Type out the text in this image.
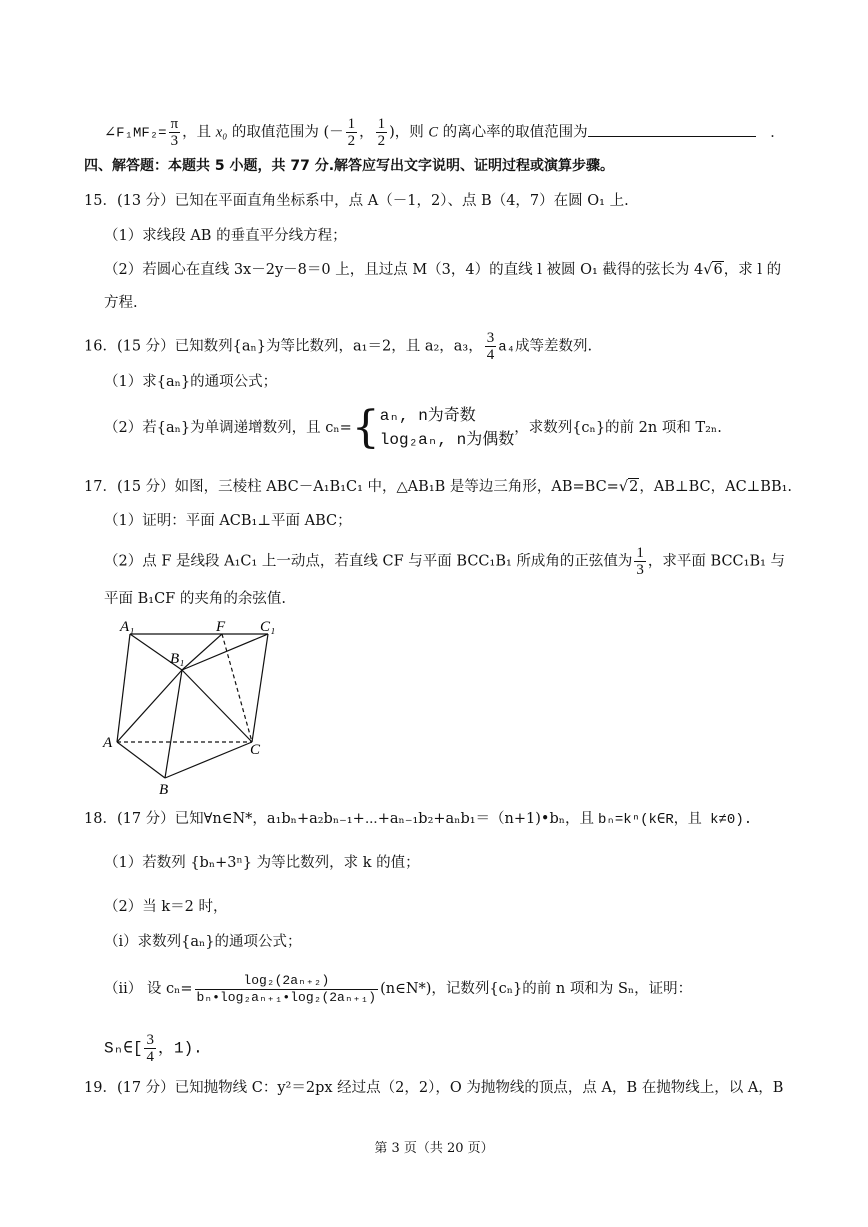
∠F₁MF₂= $\frac{\pi}{3}$ ，且 x₀ 的取值范围为 (－ $\frac{1}{2}$ ， $\frac{1}{2}$ )，则 C 的离心率的取值范围为	．
四、解答题：本题共 5 小题，共 77 分.解答应写出文字说明、证明过程或演算步骤。
15．(13 分）已知在平面直角坐标系中，点 A（－1，2）、点 B（4，7）在圆 O₁ 上.
（1）求线段 AB 的垂直平分线方程；
（2）若圆心在直线 3x－2y－8＝0 上，且过点 M（3，4）的直线 l 被圆 O₁ 截得的弦长为 4√6，求 l 的
方程.
16．(15 分）已知数列{aₙ}为等比数列，a₁＝2，且 a₂，a₃， $\frac{3}{4} a_4$成等差数列.
（1）求{aₙ}的通项公式；
（2）若{aₙ}为单调递增数列，且 cₙ={ aₙ, n为奇数
log₂aₙ, n为偶数
，求数列{cₙ}的前 2n 项和 T₂ₙ.
17．(15 分）如图，三棱柱 ABC－A₁B₁C₁ 中，△AB₁B 是等边三角形，AB=BC=√2，AB⊥BC，AC⊥BB₁.
（1）证明：平面 ACB₁⊥平面 ABC；
（2）点 F 是线段 A₁C₁ 上一动点，若直线 CF 与平面 BCC₁B₁ 所成角的正弦值为 $\frac{1}{3}$ ，求平面 BCC₁B₁ 与
平面 B₁CF 的夹角的余弦值.
A₁	F C₁
B₁
A	C
B
18．(17 分）已知∀n∈N*，a₁bₙ+a₂bₙ₋₁+⋯+aₙ₋₁b₂+aₙb₁＝（n+1)•bₙ，且 bₙ=kⁿ(k∈R，且 k≠0).
（1）若数列 {bₙ+3ⁿ} 为等比数列，求 k 的值；
（2）当 k＝2 时，
（i）求数列{aₙ}的通项公式；
（ii） 设 $c_n= \frac{\text{log₂(2aₙ₊₂)}}{\text{bₙ•log₂aₙ₊₁•log₂(2aₙ₊₁)}}$ (n∈N*)，记数列{cₙ}的前 n 项和为 Sₙ，证明：
Sₙ∈[ $\frac{3}{4}$ ，1).
19．(17 分）已知抛物线 C：y²＝2px 经过点（2，2），O 为抛物线的顶点，点 A，B 在抛物线上，以 A，B
第 3 页（共 20 页）
